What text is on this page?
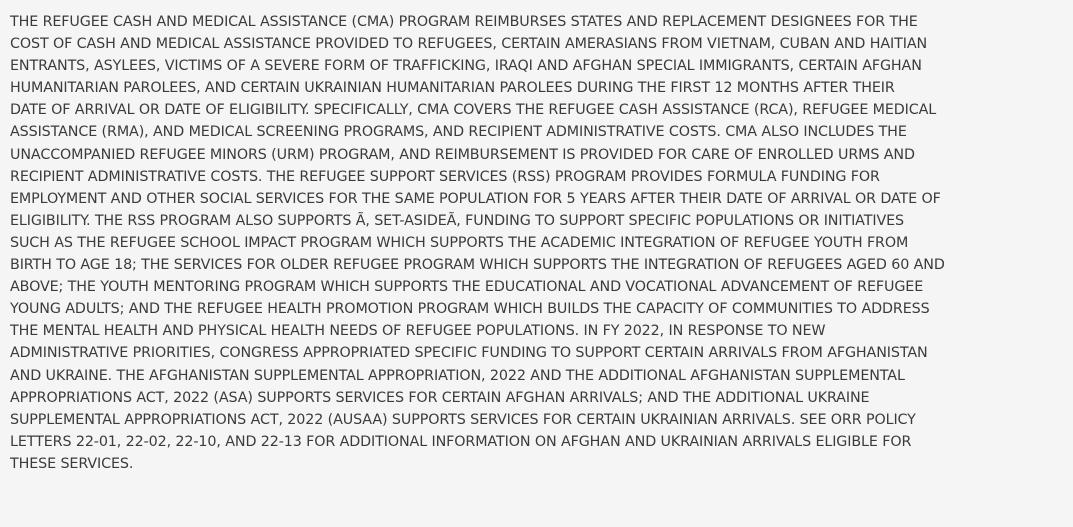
THE REFUGEE CASH AND MEDICAL ASSISTANCE (CMA) PROGRAM REIMBURSES STATES AND REPLACEMENT DESIGNEES FOR THE
COST OF CASH AND MEDICAL ASSISTANCE PROVIDED TO REFUGEES, CERTAIN AMERASIANS FROM VIETNAM, CUBAN AND HAITIAN
ENTRANTS, ASYLEES, VICTIMS OF A SEVERE FORM OF TRAFFICKING, IRAQI AND AFGHAN SPECIAL IMMIGRANTS, CERTAIN AFGHAN
HUMANITARIAN PAROLEES, AND CERTAIN UKRAINIAN HUMANITARIAN PAROLEES DURING THE FIRST 12 MONTHS AFTER THEIR
DATE OF ARRIVAL OR DATE OF ELIGIBILITY. SPECIFICALLY, CMA COVERS THE REFUGEE CASH ASSISTANCE (RCA), REFUGEE MEDICAL
ASSISTANCE (RMA), AND MEDICAL SCREENING PROGRAMS, AND RECIPIENT ADMINISTRATIVE COSTS. CMA ALSO INCLUDES THE
UNACCOMPANIED REFUGEE MINORS (URM) PROGRAM, AND REIMBURSEMENT IS PROVIDED FOR CARE OF ENROLLED URMS AND
RECIPIENT ADMINISTRATIVE COSTS. THE REFUGEE SUPPORT SERVICES (RSS) PROGRAM PROVIDES FORMULA FUNDING FOR
EMPLOYMENT AND OTHER SOCIAL SERVICES FOR THE SAME POPULATION FOR 5 YEARS AFTER THEIR DATE OF ARRIVAL OR DATE OF
ELIGIBILITY. THE RSS PROGRAM ALSO SUPPORTS Ã, SET-ASIDEÃ, FUNDING TO SUPPORT SPECIFIC POPULATIONS OR INITIATIVES
SUCH AS THE REFUGEE SCHOOL IMPACT PROGRAM WHICH SUPPORTS THE ACADEMIC INTEGRATION OF REFUGEE YOUTH FROM
BIRTH TO AGE 18; THE SERVICES FOR OLDER REFUGEE PROGRAM WHICH SUPPORTS THE INTEGRATION OF REFUGEES AGED 60 AND
ABOVE; THE YOUTH MENTORING PROGRAM WHICH SUPPORTS THE EDUCATIONAL AND VOCATIONAL ADVANCEMENT OF REFUGEE
YOUNG ADULTS; AND THE REFUGEE HEALTH PROMOTION PROGRAM WHICH BUILDS THE CAPACITY OF COMMUNITIES TO ADDRESS
THE MENTAL HEALTH AND PHYSICAL HEALTH NEEDS OF REFUGEE POPULATIONS. IN FY 2022, IN RESPONSE TO NEW
ADMINISTRATIVE PRIORITIES, CONGRESS APPROPRIATED SPECIFIC FUNDING TO SUPPORT CERTAIN ARRIVALS FROM AFGHANISTAN
AND UKRAINE. THE AFGHANISTAN SUPPLEMENTAL APPROPRIATION, 2022 AND THE ADDITIONAL AFGHANISTAN SUPPLEMENTAL
APPROPRIATIONS ACT, 2022 (ASA) SUPPORTS SERVICES FOR CERTAIN AFGHAN ARRIVALS; AND THE ADDITIONAL UKRAINE
SUPPLEMENTAL APPROPRIATIONS ACT, 2022 (AUSAA) SUPPORTS SERVICES FOR CERTAIN UKRAINIAN ARRIVALS. SEE ORR POLICY
LETTERS 22-01, 22-02, 22-10, AND 22-13 FOR ADDITIONAL INFORMATION ON AFGHAN AND UKRAINIAN ARRIVALS ELIGIBLE FOR
THESE SERVICES.
